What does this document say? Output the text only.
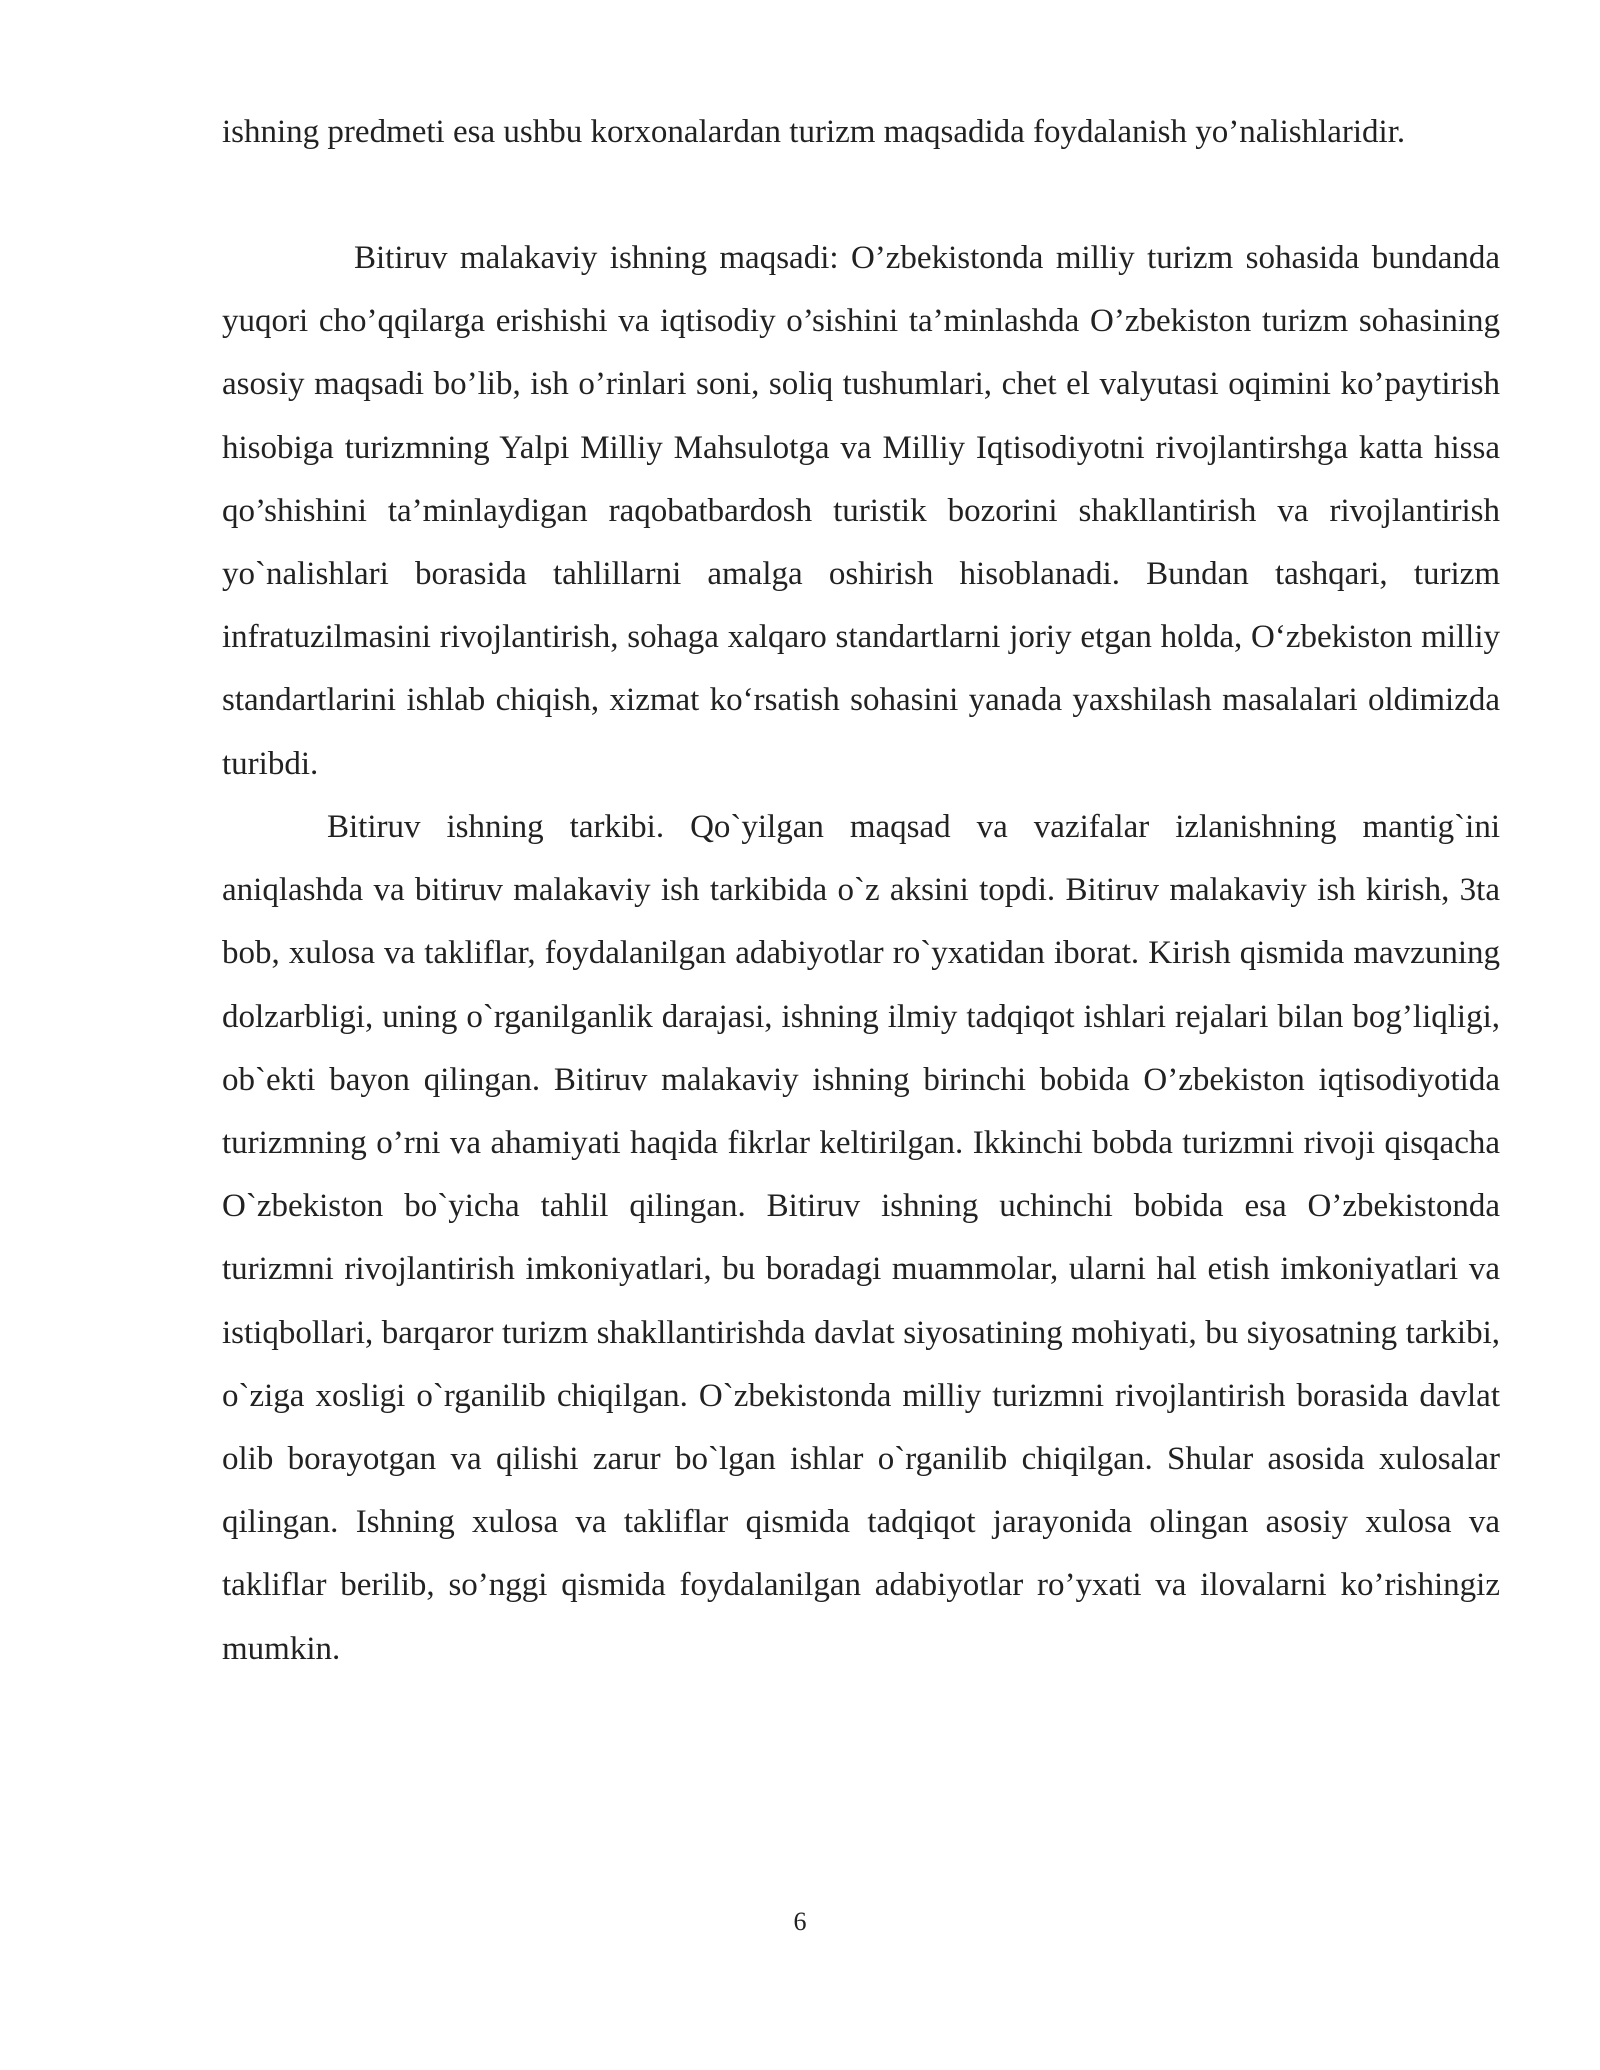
ishning predmeti esa ushbu korxonalardan turizm maqsadida foydalanish yo’nalishlaridir.

Bitiruv malakaviy ishning maqsadi: O’zbekistonda milliy turizm sohasida bundanda yuqori cho’qqilarga erishishi va iqtisodiy o’sishini ta’minlashda O’zbekiston turizm sohasining asosiy maqsadi bo’lib, ish o’rinlari soni, soliq tushumlari, chet el valyutasi oqimini ko’paytirish hisobiga turizmning Yalpi Milliy Mahsulotga va Milliy Iqtisodiyotni rivojlantirshga katta hissa qo’shishini ta’minlaydigan raqobatbardosh turistik bozorini shakllantirish va rivojlantirish yo`nalishlari borasida tahlillarni amalga oshirish hisoblanadi. Bundan tashqari, turizm infratuzilmasini rivojlantirish, sohaga xalqaro standartlarni joriy etgan holda, O‘zbekiston milliy standartlarini ishlab chiqish, xizmat ko‘rsatish sohasini yanada yaxshilash masalalari oldimizda turibdi.

Bitiruv ishning tarkibi. Qo`yilgan maqsad va vazifalar izlanishning mantig`ini aniqlashda va bitiruv malakaviy ish tarkibida o`z aksini topdi. Bitiruv malakaviy ish kirish, 3ta bob, xulosa va takliflar, foydalanilgan adabiyotlar ro`yxatidan iborat. Kirish qismida mavzuning dolzarbligi, uning o`rganilganlik darajasi, ishning ilmiy tadqiqot ishlari rejalari bilan bog’liqligi, ob`ekti bayon qilingan. Bitiruv malakaviy ishning birinchi bobida O’zbekiston iqtisodiyotida turizmning o’rni va ahamiyati haqida fikrlar keltirilgan. Ikkinchi bobda turizmni rivoji qisqacha O`zbekiston bo`yicha tahlil qilingan. Bitiruv ishning uchinchi bobida esa O’zbekistonda turizmni rivojlantirish imkoniyatlari, bu boradagi muammolar, ularni hal etish imkoniyatlari va istiqbollari, barqaror turizm shakllantirishda davlat siyosatining mohiyati, bu siyosatning tarkibi, o`ziga xosligi o`rganilib chiqilgan. O`zbekistonda milliy turizmni rivojlantirish borasida davlat olib borayotgan va qilishi zarur bo`lgan ishlar o`rganilib chiqilgan. Shular asosida xulosalar qilingan. Ishning xulosa va takliflar qismida tadqiqot jarayonida olingan asosiy xulosa va takliflar berilib, so’nggi qismida foydalanilgan adabiyotlar ro’yxati va ilovalarni ko’rishingiz mumkin.

6
